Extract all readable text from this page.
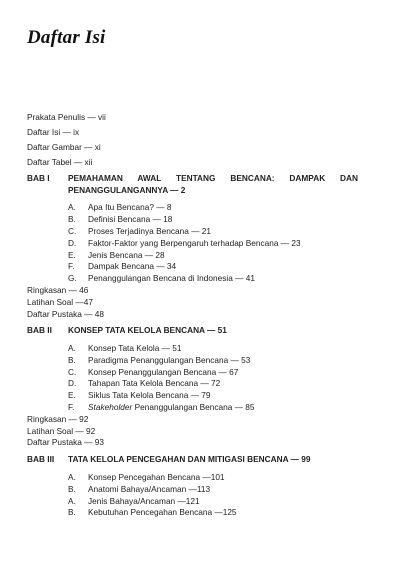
Daftar Isi
Prakata Penulis — vii
Daftar Isi — ix
Daftar Gambar — xi
Daftar Tabel — xii
BAB I	PEMAHAMAN AWAL TENTANG BENCANA: DAMPAK DAN PENANGGULANGANNYA — 2
A.	Apa Itu Bencana? — 8
B.	Definisi Bencana — 18
C.	Proses Terjadinya Bencana — 21
D.	Faktor-Faktor yang Berpengaruh terhadap Bencana — 23
E.	Jenis Bencana — 28
F.	Dampak Bencana — 34
G.	Penanggulangan Bencana di Indonesia — 41
Ringkasan — 46
Latihan Soal —47
Daftar Pustaka — 48
BAB II	KONSEP TATA KELOLA BENCANA — 51
A.	Konsep Tata Kelola — 51
B.	Paradigma Penanggulangan Bencana — 53
C.	Konsep Penanggulangan Bencana — 67
D.	Tahapan Tata Kelola Bencana — 72
E.	Siklus Tata Kelola Bencana — 79
F.	Stakeholder Penanggulangan Bencana — 85
Ringkasan — 92
Latihan Soal — 92
Daftar Pustaka — 93
BAB III	TATA KELOLA PENCEGAHAN DAN MITIGASI BENCANA — 99
A.	Konsep Pencegahan Bencana —101
B.	Anatomi Bahaya/Ancaman —113
A.	Jenis Bahaya/Ancaman —121
B.	Kebutuhan Pencegahan Bencana —125
